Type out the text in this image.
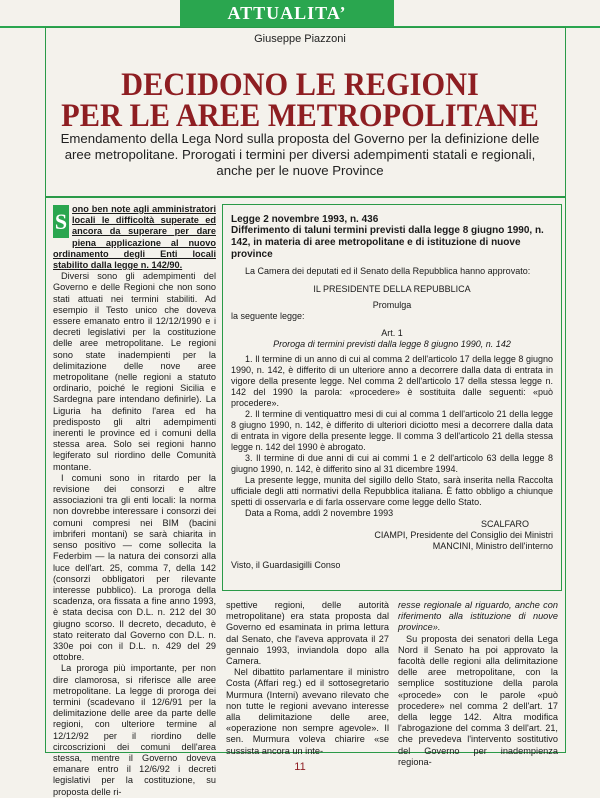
ATTUALITA’
Giuseppe Piazzoni
DECIDONO LE REGIONI
PER LE AREE METROPOLITANE
Emendamento della Lega Nord sulla proposta del Governo per la definizione delle aree metropolitane. Prorogati i termini per diversi adempimenti statali e regionali, anche per le nuove Province

S ono ben note agli amministratori locali le difficoltà superate ed ancora da superare per dare piena applicazione al nuovo ordinamento degli Enti locali stabilito dalla legge n. 142/90.

Diversi sono gli adempimenti del Governo e delle Regioni che non sono stati attuati nei termini stabiliti. Ad esempio il Testo unico che doveva essere emanato entro il 12/12/1990 e i decreti legislativi per la costituzione delle aree metropolitane. Le regioni sono state inadempienti per la delimitazione delle nove aree metropolitane (nelle regioni a statuto ordinario, poiché le regioni Sicilia e Sardegna pare intendano definirle). La Liguria ha definito l'area ed ha predisposto gli altri adempimenti inerenti le province ed i comuni della stessa area. Solo sei regioni hanno legiferato sul riordino delle Comunità montane.

I comuni sono in ritardo per la revisione dei consorzi e altre associazioni tra gli enti locali: la norma non dovrebbe interessare i consorzi dei comuni compresi nei BIM (bacini imbriferi montani) se sarà chiarita in senso positivo — come sollecita la Federbim — la natura dei consorzi alla luce dell'art. 25, comma 7, della 142 (consorzi obbligatori per rilevante interesse pubblico). La proroga della scadenza, ora fissata a fine anno 1993, è stata decisa con D.L. n. 212 del 30 giugno scorso. Il decreto, decaduto, è stato reiterato dal Governo con D.L. n. 330e poi con il D.L. n. 429 del 29 ottobre.

La proroga più importante, per non dire clamorosa, si riferisce alle aree metropolitane. La legge di proroga dei termini (scadevano il 12/6/91 per la delimitazione delle aree da parte delle regioni, con ulteriore termine al 12/12/92 per il riordino delle circoscrizioni dei comuni dell'area stessa, mentre il Governo doveva emanare entro il 12/6/92 i decreti legislativi per la costituzione, su proposta delle ri-

Legge 2 novembre 1993, n. 436

Differimento di taluni termini previsti dalla legge 8 giugno 1990, n. 142, in materia di aree metropolitane e di istituzione di nuove province

La Camera dei deputati ed il Senato della Repubblica hanno approvato:

IL PRESIDENTE DELLA REPUBBLICA

Promulga

la seguente legge:

Art. 1

Proroga di termini previsti dalla legge 8 giugno 1990, n. 142

1. Il termine di un anno di cui al comma 2 dell'articolo 17 della legge 8 giugno 1990, n. 142, è differito di un ulteriore anno a decorrere dalla data di entrata in vigore della presente legge. Nel comma 2 dell'articolo 17 della stessa legge n. 142 del 1990 la parola: «procedere» è sostituita dalle seguenti: «può procedere».

2. Il termine di ventiquattro mesi di cui al comma 1 dell'articolo 21 della legge 8 giugno 1990, n. 142, è differito di ulteriori diciotto mesi a decorrere dalla data di entrata in vigore della presente legge. Il comma 3 dell'articolo 21 della stessa legge n. 142 del 1990 è abrogato.

3. Il termine di due anni di cui ai commi 1 e 2 dell'articolo 63 della legge 8 giugno 1990, n. 142, è differito sino al 31 dicembre 1994.

La presente legge, munita del sigillo dello Stato, sarà inserita nella Raccolta ufficiale degli atti normativi della Repubblica italiana. È fatto obbligo a chiunque spetti di osservarla e di farla osservare come legge dello Stato.

Data a Roma, addì 2 novembre 1993

SCALFARO

CIAMPI, Presidente del Consiglio dei Ministri

MANCINI, Ministro dell'interno

Visto, il Guardasigilli Conso

spettive regioni, delle autorità metropolitane) era stata proposta dal Governo ed esaminata in prima lettura dal Senato, che l'aveva approvata il 27 gennaio 1993, inviandola dopo alla Camera.

Nel dibattito parlamentare il ministro Costa (Affari reg.) ed il sottosegretario Murmura (Interni) avevano rilevato che non tutte le regioni avevano interesse alla delimitazione delle aree, «operazione non sempre agevole». Il sen. Murmura voleva chiarire «se sussista ancora un inte-

resse regionale al riguardo, anche con riferimento alla istituzione di nuove province».

Su proposta dei senatori della Lega Nord il Senato ha poi approvato la facoltà delle regioni alla delimitazione delle aree metropolitane, con la semplice sostituzione della parola «procede» con le parole «può procedere» nel comma 2 dell'art. 17 della legge 142. Altra modifica l'abrogazione del comma 3 dell'art. 21, che prevedeva l'intervento sostitutivo del Governo per inadempienza regiona-

11
